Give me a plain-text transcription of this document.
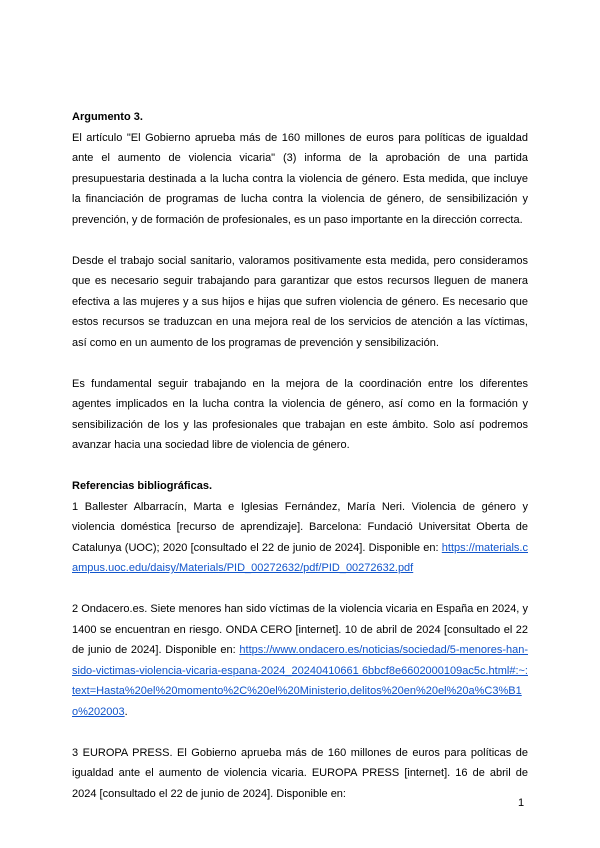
Argumento 3.

El artículo "El Gobierno aprueba más de 160 millones de euros para políticas de igualdad ante el aumento de violencia vicaria" (3) informa de la aprobación de una partida presupuestaria destinada a la lucha contra la violencia de género. Esta medida, que incluye la financiación de programas de lucha contra la violencia de género, de sensibilización y prevención, y de formación de profesionales, es un paso importante en la dirección correcta.

Desde el trabajo social sanitario, valoramos positivamente esta medida, pero consideramos que es necesario seguir trabajando para garantizar que estos recursos lleguen de manera efectiva a las mujeres y a sus hijos e hijas que sufren violencia de género. Es necesario que estos recursos se traduzcan en una mejora real de los servicios de atención a las víctimas, así como en un aumento de los programas de prevención y sensibilización.

Es fundamental seguir trabajando en la mejora de la coordinación entre los diferentes agentes implicados en la lucha contra la violencia de género, así como en la formación y sensibilización de los y las profesionales que trabajan en este ámbito. Solo así podremos avanzar hacia una sociedad libre de violencia de género.

Referencias bibliográficas.

1 Ballester Albarracín, Marta e Iglesias Fernández, María Neri. Violencia de género y violencia doméstica [recurso de aprendizaje]. Barcelona: Fundació Universitat Oberta de Catalunya (UOC); 2020 [consultado el 22 de junio de 2024]. Disponible en: https://materials.campus.uoc.edu/daisy/Materials/PID_00272632/pdf/PID_00272632.pdf

2 Ondacero.es. Siete menores han sido víctimas de la violencia vicaria en España en 2024, y 1400 se encuentran en riesgo. ONDA CERO [internet]. 10 de abril de 2024 [consultado el 22 de junio de 2024]. Disponible en: https://www.ondacero.es/noticias/sociedad/5-menores-han-sido-victimas-violencia-vicaria-espana-2024_20240410661 6bbcf8e6602000109ac5c.html#:~:text=Hasta%20el%20momento%2C%20el%20Ministerio,delitos%20en%20el%20a%C3%B1o%202003.

3 EUROPA PRESS. El Gobierno aprueba más de 160 millones de euros para políticas de igualdad ante el aumento de violencia vicaria. EUROPA PRESS [internet]. 16 de abril de 2024 [consultado el 22 de junio de 2024]. Disponible en:

1
